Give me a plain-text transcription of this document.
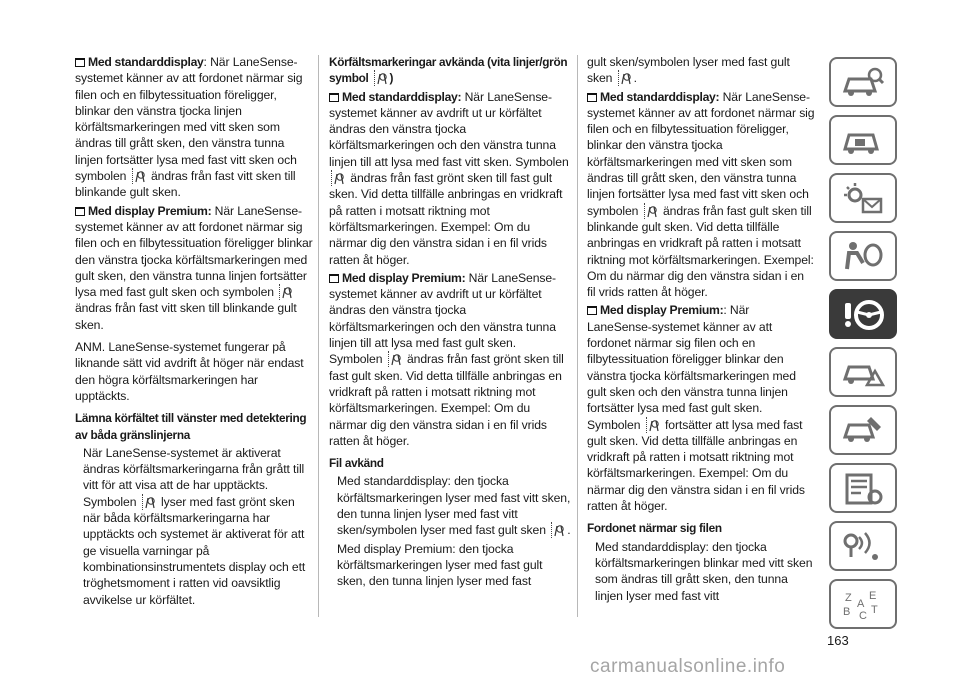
Med standarddisplay: När LaneSense-systemet känner av att fordonet närmar sig filen och en filbytessituation föreligger, blinkar den vänstra tjocka linjen körfältsmarkeringen med vitt sken som ändras till grått sken, den vänstra tunna linjen fortsätter lysa med fast vitt sken och symbolen ändras från fast vitt sken till blinkande gult sken.

Med display Premium: När LaneSense-systemet känner av att fordonet närmar sig filen och en filbytessituation föreligger blinkar den vänstra tjocka körfältsmarkeringen med gult sken, den vänstra tunna linjen fortsätter lysa med fast gult sken och symbolen
ändras från fast vitt sken till blinkande gult sken.

ANM. LaneSense-systemet fungerar på liknande sätt vid avdrift åt höger när endast den högra körfältsmarkeringen har upptäckts.

Lämna körfältet till vänster med detektering av båda gränslinjerna

När LaneSense-systemet är aktiverat ändras körfältsmarkeringarna från grått till vitt för att visa att de har upptäckts. Symbolen lyser med fast grönt sken när båda körfältsmarkeringarna har upptäckts och systemet är aktiverat för att ge visuella varningar på kombinationsinstrumentets display och ett tröghetsmoment i ratten vid oavsiktlig avvikelse ur körfältet.

Körfältsmarkeringar avkända (vita linjer/grön symbol )

Med standarddisplay: När LaneSense-systemet känner av avdrift ut ur körfältet ändras den vänstra tjocka körfältsmarkeringen och den vänstra tunna linjen till att lysa med fast vitt sken. Symbolen
ändras från fast grönt sken till fast gult sken. Vid detta tillfälle anbringas en vridkraft på ratten i motsatt riktning mot körfältsmarkeringen. Exempel: Om du närmar dig den vänstra sidan i en fil vrids ratten åt höger.

Med display Premium: När LaneSense-systemet känner av avdrift ut ur körfältet ändras den vänstra tjocka körfältsmarkeringen och den vänstra tunna linjen till att lysa med fast gult sken. Symbolen ändras från fast grönt sken till fast gult sken. Vid detta tillfälle anbringas en vridkraft på ratten i motsatt riktning mot körfältsmarkeringen. Exempel: Om du närmar dig den vänstra sidan i en fil vrids ratten åt höger.

Fil avkänd

Med standarddisplay: den tjocka körfältsmarkeringen lyser med fast vitt sken, den tunna linjen lyser med fast vitt sken/symbolen lyser med fast gult sken .

Med display Premium: den tjocka körfältsmarkeringen lyser med fast gult sken, den tunna linjen lyser med fast

gult sken/symbolen lyser med fast gult sken .

Med standarddisplay: När LaneSense-systemet känner av att fordonet närmar sig filen och en filbytessituation föreligger, blinkar den vänstra tjocka körfältsmarkeringen med vitt sken som ändras till grått sken, den vänstra tunna linjen fortsätter lysa med fast vitt sken och symbolen ändras från fast gult sken till blinkande gult sken. Vid detta tillfälle anbringas en vridkraft på ratten i motsatt riktning mot körfältsmarkeringen. Exempel: Om du närmar dig den vänstra sidan i en fil vrids ratten åt höger.

Med display Premium:: När LaneSense-systemet känner av att fordonet närmar sig filen och en filbytessituation föreligger blinkar den vänstra tjocka körfältsmarkeringen med gult sken och den vänstra tunna linjen fortsätter lysa med fast gult sken. Symbolen fortsätter att lysa med fast gult sken. Vid detta tillfälle anbringas en vridkraft på ratten i motsatt riktning mot körfältsmarkeringen. Exempel: Om du närmar dig den vänstra sidan i en fil vrids ratten åt höger.

Fordonet närmar sig filen

Med standarddisplay: den tjocka körfältsmarkeringen blinkar med vitt sken som ändras till grått sken, den tunna linjen lyser med fast vitt	Z E
B C T
A
163
carmanualsonline.info
